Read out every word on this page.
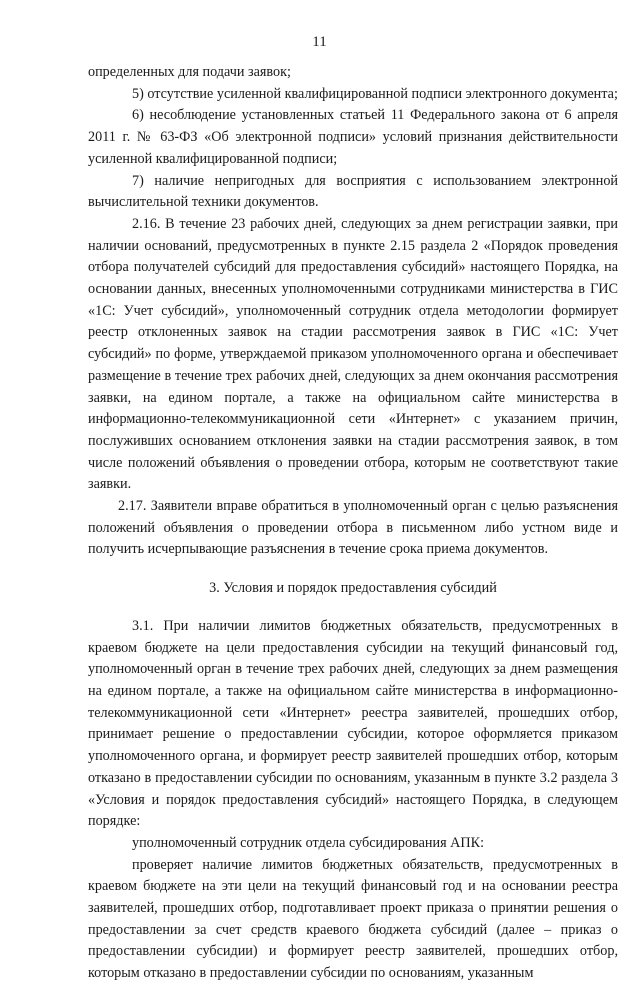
11

определенных для подачи заявок;

5) отсутствие усиленной квалифицированной подписи электронного документа;

6) несоблюдение установленных статьей 11 Федерального закона от 6 апреля 2011 г. № 63-ФЗ «Об электронной подписи» условий признания действительности усиленной квалифицированной подписи;

7) наличие непригодных для восприятия с использованием электронной вычислительной техники документов.

2.16. В течение 23 рабочих дней, следующих за днем регистрации заявки, при наличии оснований, предусмотренных в пункте 2.15 раздела 2 «Порядок проведения отбора получателей субсидий для предоставления субсидий» настоящего Порядка, на основании данных, внесенных уполномоченными сотрудниками министерства в ГИС «1С: Учет субсидий», уполномоченный сотрудник отдела методологии формирует реестр отклоненных заявок на стадии рассмотрения заявок в ГИС «1С: Учет субсидий» по форме, утверждаемой приказом уполномоченного органа и обеспечивает размещение в течение трех рабочих дней, следующих за днем окончания рассмотрения заявки, на едином портале, а также на официальном сайте министерства в информационно-телекоммуникационной сети «Интернет» с указанием причин, послуживших основанием отклонения заявки на стадии рассмотрения заявок, в том числе положений объявления о проведении отбора, которым не соответствуют такие заявки.

2.17. Заявители вправе обратиться в уполномоченный орган с целью разъяснения положений объявления о проведении отбора в письменном либо устном виде и получить исчерпывающие разъяснения в течение срока приема документов.

3. Условия и порядок предоставления субсидий

3.1. При наличии лимитов бюджетных обязательств, предусмотренных в краевом бюджете на цели предоставления субсидии на текущий финансовый год, уполномоченный орган в течение трех рабочих дней, следующих за днем размещения на едином портале, а также на официальном сайте министерства в информационно-телекоммуникационной сети «Интернет» реестра заявителей, прошедших отбор, принимает решение о предоставлении субсидии, которое оформляется приказом уполномоченного органа, и формирует реестр заявителей прошедших отбор, которым отказано в предоставлении субсидии по основаниям, указанным в пункте 3.2 раздела 3 «Условия и порядок предоставления субсидий» настоящего Порядка, в следующем порядке:

уполномоченный сотрудник отдела субсидирования АПК:

проверяет наличие лимитов бюджетных обязательств, предусмотренных в краевом бюджете на эти цели на текущий финансовый год и на основании реестра заявителей, прошедших отбор, подготавливает проект приказа о принятии решения о предоставлении за счет средств краевого бюджета субсидий (далее – приказ о предоставлении субсидии) и формирует реестр заявителей, прошедших отбор, которым отказано в предоставлении субсидии по основаниям, указанным
